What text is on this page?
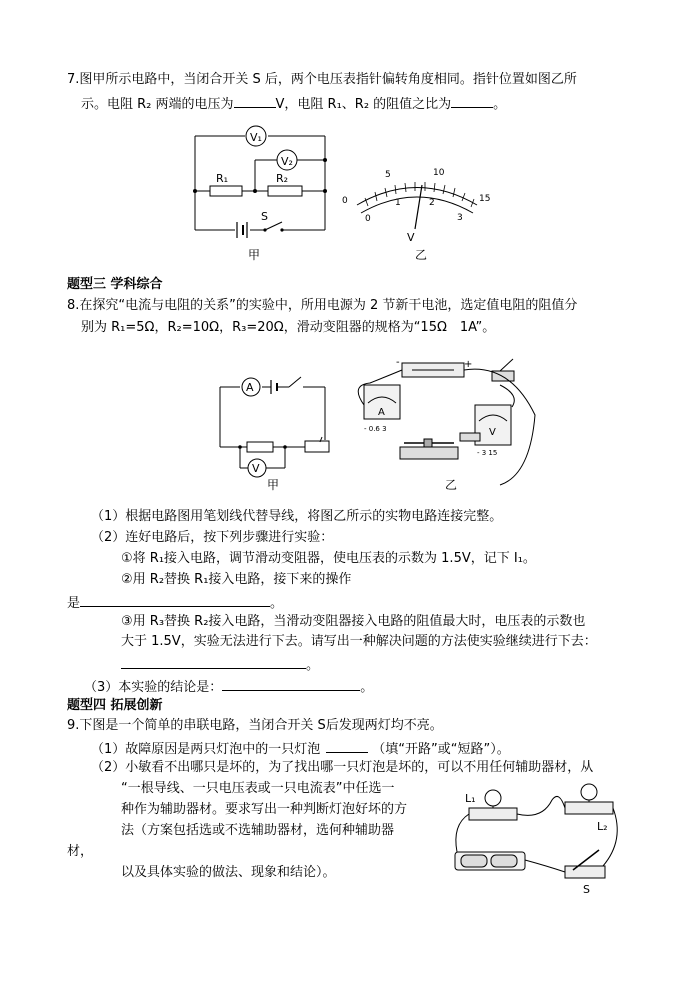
7.图甲所示电路中，当闭合开关 S 后，两个电压表指针偏转角度相同。指针位置如图乙所
示。电阻 R₂ 两端的电压为	V，电阻 R₁、R₂ 的阻值之比为	。
V₁
V₂
R₁	R₂
S
甲
0
5	10
15
0
1	2
3
V
乙
题型三 学科综合
8.在探究“电流与电阻的关系”的实验中，所用电源为 2 节新干电池，选定值电阻的阻值分
别为 R₁=5Ω，R₂=10Ω，R₃=20Ω，滑动变阻器的规格为“15Ω　1A”。
A
V
甲
-	+
A
- 0.6 3	V
- 3 15
乙
（1）根据电路图用笔划线代替导线，将图乙所示的实物电路连接完整。
（2）连好电路后，按下列步骤进行实验：
①将 R₁接入电路，调节滑动变阻器，使电压表的示数为 1.5V，记下 I₁。
②用 R₂替换 R₁接入电路，接下来的操作
是	。
③用 R₃替换 R₂接入电路，当滑动变阻器接入电路的阻值最大时，电压表的示数也
大于 1.5V，实验无法进行下去。请写出一种解决问题的方法使实验继续进行下去：
。
（3）本实验的结论是：	。
题型四 拓展创新
9.下图是一个简单的串联电路，当闭合开关 S后发现两灯均不亮。
（1）故障原因是两只灯泡中的一只灯泡	（填“开路”或“短路”）。
（2）小敏看不出哪只是坏的，为了找出哪一只灯泡是坏的，可以不用任何辅助器材，从
“一根导线、一只电压表或一只电流表”中任选一
种作为辅助器材。要求写出一种判断灯泡好坏的方
法（方案包括选或不选辅助器材，选何种辅助器
材，
以及具体实验的做法、现象和结论）。
L₁
L₂
S
